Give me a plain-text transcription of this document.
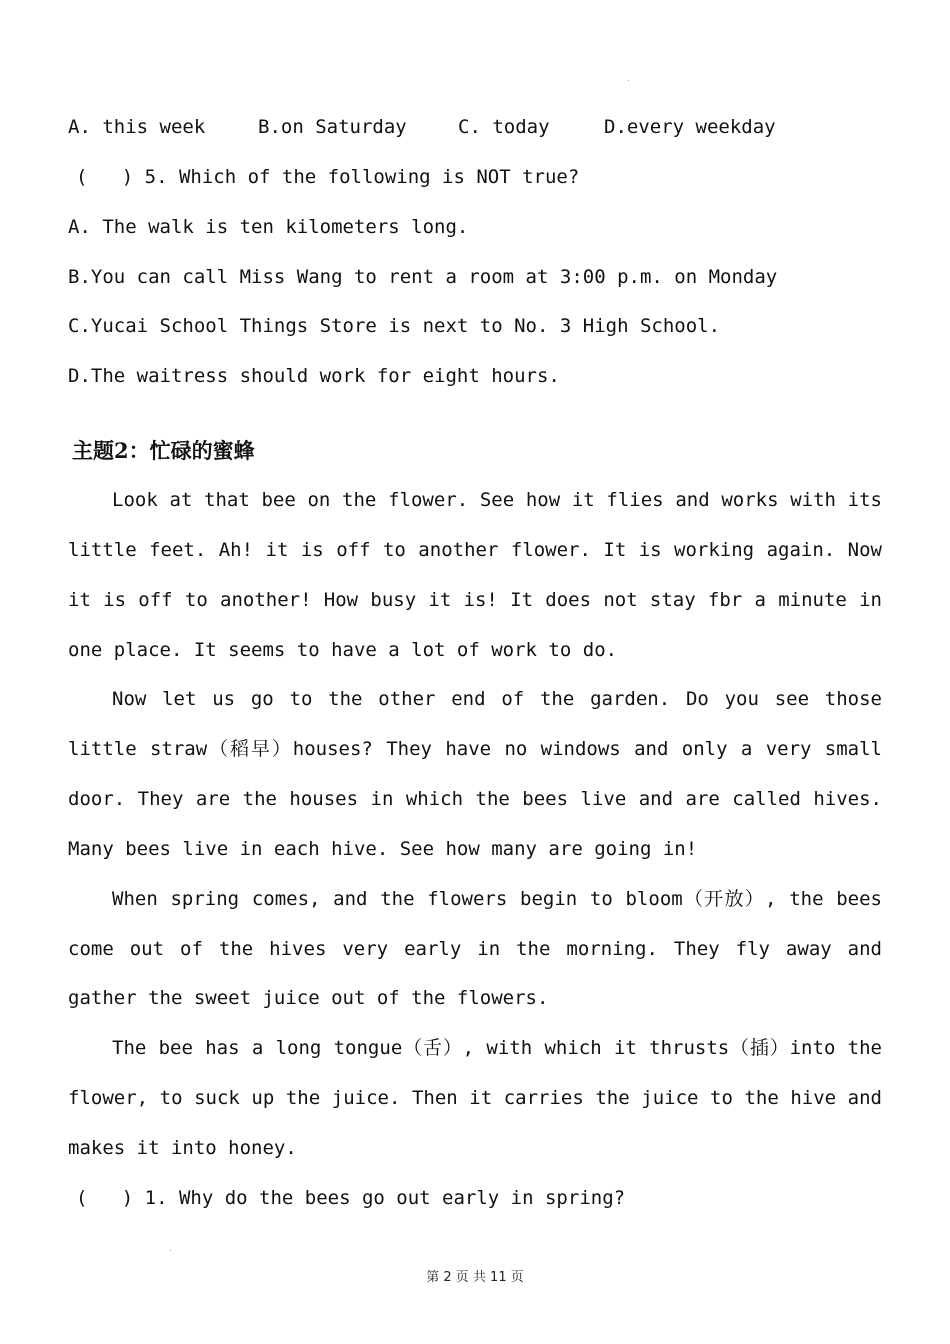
A. this week	B.on Saturday	C. today	D.every weekday
(   ) 5. Which of the following is NOT true?
A. The walk is ten kilometers long.
B.You can call Miss Wang to rent a room at 3:00 p.m. on Monday
C.Yucai School Things Store is next to No. 3 High School.
D.The waitress should work for eight hours.
主题2：忙碌的蜜蜂
Look at that bee on the flower. See how it flies and works with its
little feet. Ah! it is off to another flower. It is working again. Now
it is off to another! How busy it is! It does not stay fbr a minute in
one place. It seems to have a lot of work to do.
Now let us go to the other end of the garden. Do you see those
little straw（稻早）houses? They have no windows and only a very small
door. They are the houses in which the bees live and are called hives.
Many bees live in each hive. See how many are going in!
When spring comes, and the flowers begin to bloom（开放）, the bees
come out of the hives very early in the morning. They fly away and
gather the sweet juice out of the flowers.
The bee has a long tongue（舌）, with which it thrusts（插）into the
flower, to suck up the juice. Then it carries the juice to the hive and
makes it into honey.
(   ) 1. Why do the bees go out early in spring?
第 2 页 共 11 页
